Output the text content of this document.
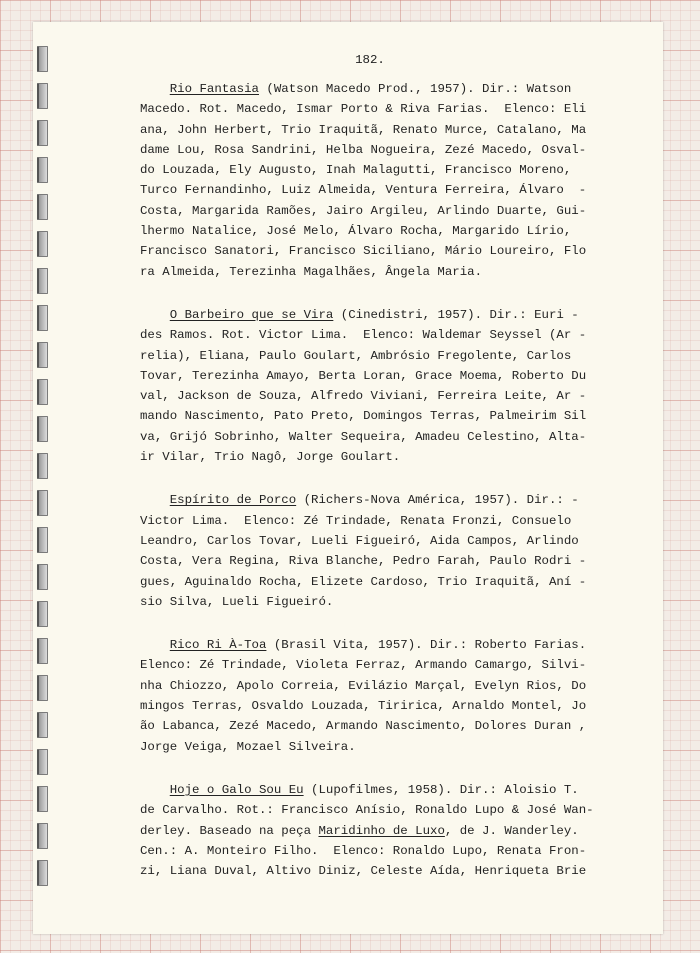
182.
Rio Fantasia (Watson Macedo Prod., 1957). Dir.: Watson
Macedo. Rot. Macedo, Ismar Porto & Riva Farias.  Elenco: Eli
ana, John Herbert, Trio Iraquitã, Renato Murce, Catalano, Ma
dame Lou, Rosa Sandrini, Helba Nogueira, Zezé Macedo, Osval-
do Louzada, Ely Augusto, Inah Malagutti, Francisco Moreno,
Turco Fernandinho, Luiz Almeida, Ventura Ferreira, Álvaro  -
Costa, Margarida Ramões, Jairo Argileu, Arlindo Duarte, Gui-
lhermo Natalice, José Melo, Álvaro Rocha, Margarido Lírio,
Francisco Sanatori, Francisco Siciliano, Mário Loureiro, Flo
ra Almeida, Terezinha Magalhães, Ângela Maria.
O Barbeiro que se Vira (Cinedistri, 1957). Dir.: Euri -
des Ramos. Rot. Victor Lima.  Elenco: Waldemar Seyssel (Ar -
relia), Eliana, Paulo Goulart, Ambrósio Fregolente, Carlos
Tovar, Terezinha Amayo, Berta Loran, Grace Moema, Roberto Du
val, Jackson de Souza, Alfredo Viviani, Ferreira Leite, Ar -
mando Nascimento, Pato Preto, Domingos Terras, Palmeirim Sil
va, Grijó Sobrinho, Walter Sequeira, Amadeu Celestino, Alta-
ir Vilar, Trio Nagô, Jorge Goulart.
Espírito de Porco (Richers-Nova América, 1957). Dir.: -
Victor Lima.  Elenco: Zé Trindade, Renata Fronzi, Consuelo
Leandro, Carlos Tovar, Lueli Figueiró, Aida Campos, Arlindo
Costa, Vera Regina, Riva Blanche, Pedro Farah, Paulo Rodri -
gues, Aguinaldo Rocha, Elizete Cardoso, Trio Iraquitã, Aní -
sio Silva, Lueli Figueiró.
Rico Ri À-Toa (Brasil Vita, 1957). Dir.: Roberto Farias.
Elenco: Zé Trindade, Violeta Ferraz, Armando Camargo, Silvi-
nha Chiozzo, Apolo Correia, Evilázio Marçal, Evelyn Rios, Do
mingos Terras, Osvaldo Louzada, Tiririca, Arnaldo Montel, Jo
ão Labanca, Zezé Macedo, Armando Nascimento, Dolores Duran ,
Jorge Veiga, Mozael Silveira.
Hoje o Galo Sou Eu (Lupofilmes, 1958). Dir.: Aloisio T.
de Carvalho. Rot.: Francisco Anísio, Ronaldo Lupo & José Wan-
derley. Baseado na peça Maridinho de Luxo, de J. Wanderley.
Cen.: A. Monteiro Filho.  Elenco: Ronaldo Lupo, Renata Fron-
zi, Liana Duval, Altivo Diniz, Celeste Aída, Henriqueta Brie
